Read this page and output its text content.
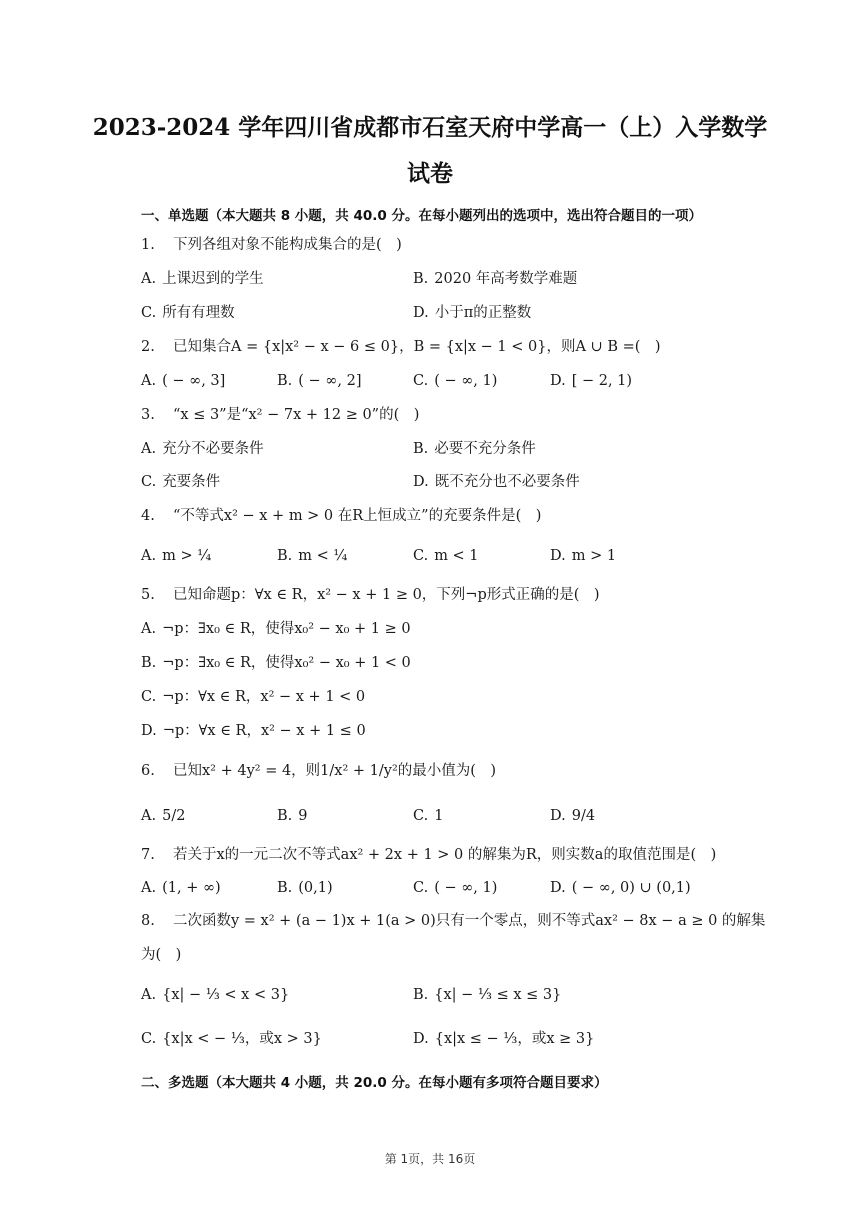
2023-2024 学年四川省成都市石室天府中学高一（上）入学数学
试卷
一、单选题（本大题共 8 小题，共 40.0 分。在每小题列出的选项中，选出符合题目的一项）
1. 下列各组对象不能构成集合的是( )
A. 上课迟到的学生	B. 2020 年高考数学难题
C. 所有有理数	D. 小于π的正整数
2. 已知集合A = {x|x² − x − 6 ≤ 0}，B = {x|x − 1 < 0}，则A ∪ B =( )
A. ( − ∞, 3]	B. ( − ∞, 2]	C. ( − ∞, 1)	D. [ − 2, 1)
3. “x ≤ 3”是“x² − 7x + 12 ≥ 0”的( )
A. 充分不必要条件	B. 必要不充分条件
C. 充要条件	D. 既不充分也不必要条件
4. “不等式x² − x + m > 0 在R上恒成立”的充要条件是( )
A. m > ¼	B. m < ¼	C. m < 1	D. m > 1
5. 已知命题p：∀x ∈ R，x² − x + 1 ≥ 0，下列¬p形式正确的是( )
A. ¬p：∃x₀ ∈ R，使得x₀² − x₀ + 1 ≥ 0
B. ¬p：∃x₀ ∈ R，使得x₀² − x₀ + 1 < 0
C. ¬p：∀x ∈ R，x² − x + 1 < 0
D. ¬p：∀x ∈ R，x² − x + 1 ≤ 0
6. 已知x² + 4y² = 4，则1/x² + 1/y²的最小值为( )
A. 5/2	B. 9	C. 1	D. 9/4
7. 若关于x的一元二次不等式ax² + 2x + 1 > 0 的解集为R，则实数a的取值范围是( )
A. (1, + ∞)	B. (0,1)	C. ( − ∞, 1)	D. ( − ∞, 0) ∪ (0,1)
8. 二次函数y = x² + (a − 1)x + 1(a > 0)只有一个零点，则不等式ax² − 8x − a ≥ 0 的解集
为( )
A. {x| − ⅓ < x < 3}	B. {x| − ⅓ ≤ x ≤ 3}
C. {x|x < − ⅓，或x > 3}	D. {x|x ≤ − ⅓，或x ≥ 3}
二、多选题（本大题共 4 小题，共 20.0 分。在每小题有多项符合题目要求）
第 1页，共 16页
